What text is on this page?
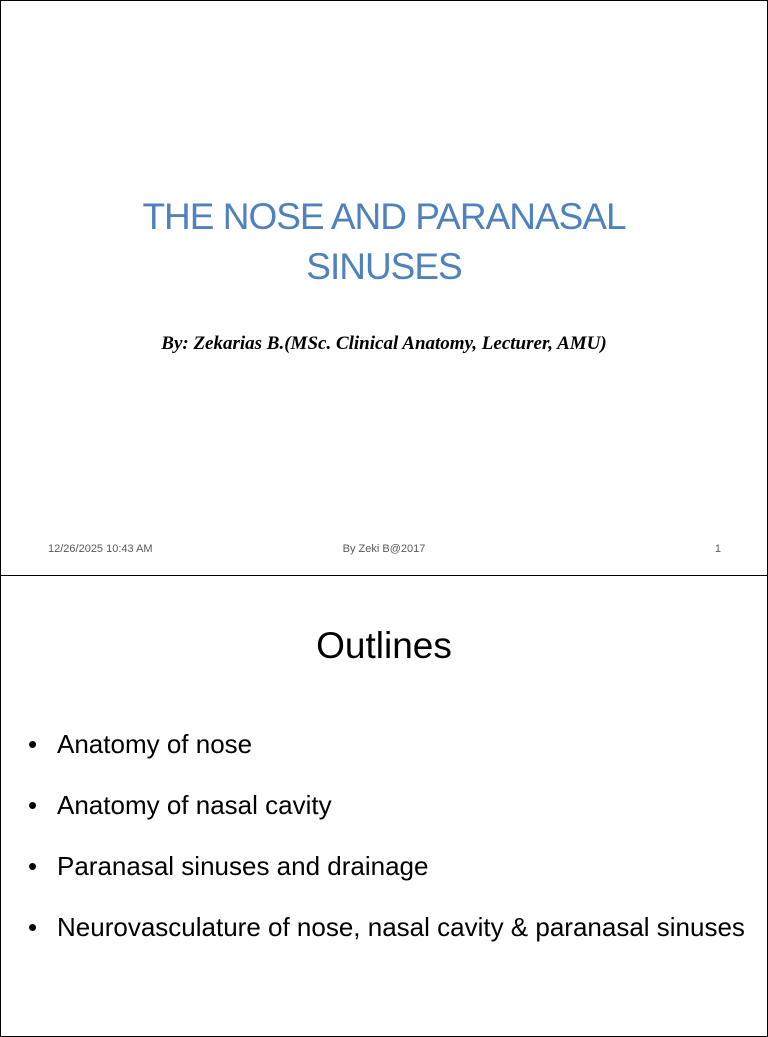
THE NOSE AND PARANASAL
SINUSES
By: Zekarias B.(MSc. Clinical Anatomy, Lecturer, AMU)
12/26/2025 10:43 AM	By Zeki B@2017	1
Outlines
• Anatomy of nose
• Anatomy of nasal cavity
• Paranasal sinuses and drainage
• Neurovasculature of nose, nasal cavity & paranasal sinuses
